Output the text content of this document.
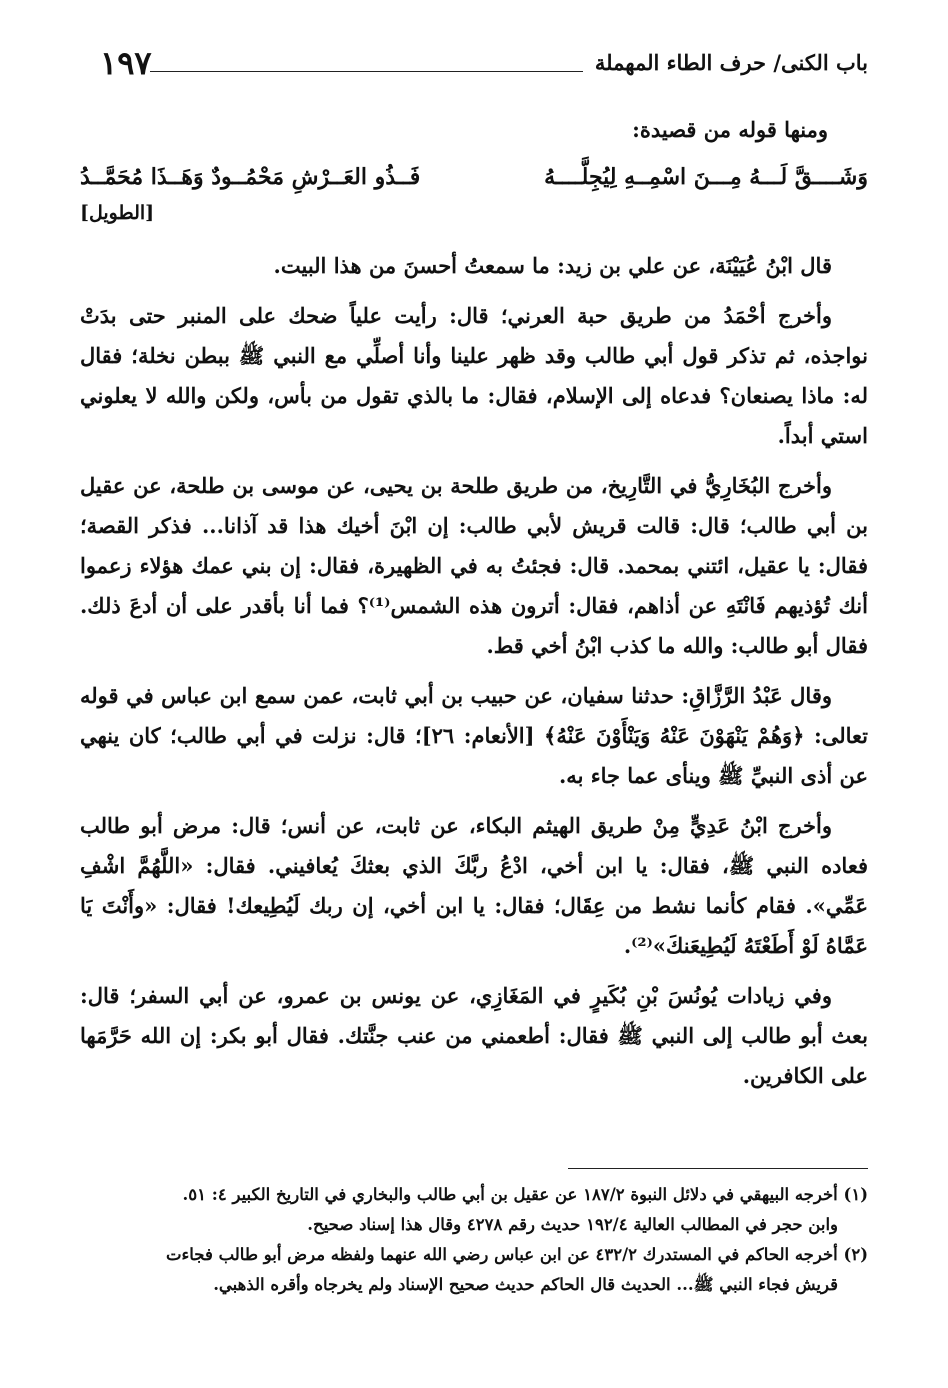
باب الكنى/ حرف الطاء المهملة
١٩٧

ومنها قوله من قصيدة:

وَشَــــقَّ لَـــهُ مِـــنَ اسْمِــهِ لِيُجِلَّــــهُ
فَــذُو العَــرْشِ مَحْمُــودٌ وَهَــذَا مُحَمَّــدُ
[الطويل]

قال ابْنُ عُيَيْنَة، عن علي بن زيد: ما سمعتُ أحسنَ من هذا البيت.

وأخرج أحْمَدُ من طريق حبة العرني؛ قال: رأيت علياً ضحك على المنبر حتى بدَتْ نواجذه، ثم تذكر قول أبي طالب وقد ظهر علينا وأنا أصلِّي مع النبي ﷺ ببطن نخلة؛ فقال له: ماذا يصنعان؟ فدعاه إلى الإسلام، فقال: ما بالذي تقول من بأس، ولكن والله لا يعلوني استي أبداً.

وأخرج البُخَارِيُّ في التَّارِيخ، من طريق طلحة بن يحيى، عن موسى بن طلحة، عن عقيل بن أبي طالب؛ قال: قالت قريش لأبي طالب: إن ابْنَ أخيك هذا قد آذانا... فذكر القصة؛ فقال: يا عقيل، ائتني بمحمد. قال: فجئتُ به في الظهيرة، فقال: إن بني عمك هؤلاء زعموا أنك تُؤذيهم فَانْتَهِ عن أذاهم، فقال: أترون هذه الشمس⁽¹⁾؟ فما أنا بأقدر على أن أدعَ ذلك. فقال أبو طالب: والله ما كذب ابْنُ أخي قط.

وقال عَبْدُ الرَّزَّاقِ: حدثنا سفيان، عن حبيب بن أبي ثابت، عمن سمع ابن عباس في قوله تعالى: ﴿وَهُمْ يَنْهَوْنَ عَنْهُ وَيَنْأَوْنَ عَنْهُ﴾ [الأنعام: ٢٦]؛ قال: نزلت في أبي طالب؛ كان ينهي عن أذى النبيِّ ﷺ وينأى عما جاء به.

وأخرج ابْنُ عَدِيٍّ مِنْ طريق الهيثم البكاء، عن ثابت، عن أنس؛ قال: مرض أبو طالب فعاده النبي ﷺ، فقال: يا ابن أخي، ادْعُ ربَّكَ الذي بعثكَ يُعافيني. فقال: «اللَّهُمَّ اشْفِ عَمِّي». فقام كأنما نشط من عِقَال؛ فقال: يا ابن أخي، إن ربك لَيُطِيعك! فقال: «وأَنْتَ يَا عَمَّاهُ لَوْ أَطَعْتَهُ لَيُطِيعَنكَ»⁽²⁾.

وفي زيادات يُونُسَ بْنِ بُكَيرٍ في المَغَازِي، عن يونس بن عمرو، عن أبي السفر؛ قال: بعث أبو طالب إلى النبي ﷺ فقال: أطعمني من عنب جنَّتك. فقال أبو بكر: إن الله حَرَّمَها على الكافرين.

(١) أخرجه البيهقي في دلائل النبوة ١٨٧/٢ عن عقيل بن أبي طالب والبخاري في التاريخ الكبير ٤: ٥١.

وابن حجر في المطالب العالية ١٩٢/٤ حديث رقم ٤٢٧٨ وقال هذا إسناد صحيح.

(٢) أخرجه الحاكم في المستدرك ٤٣٢/٢ عن ابن عباس رضي الله عنهما ولفظه مرض أبو طالب فجاءت

قريش فجاء النبي ﷺ... الحديث قال الحاكم حديث صحيح الإسناد ولم يخرجاه وأقره الذهبي.
